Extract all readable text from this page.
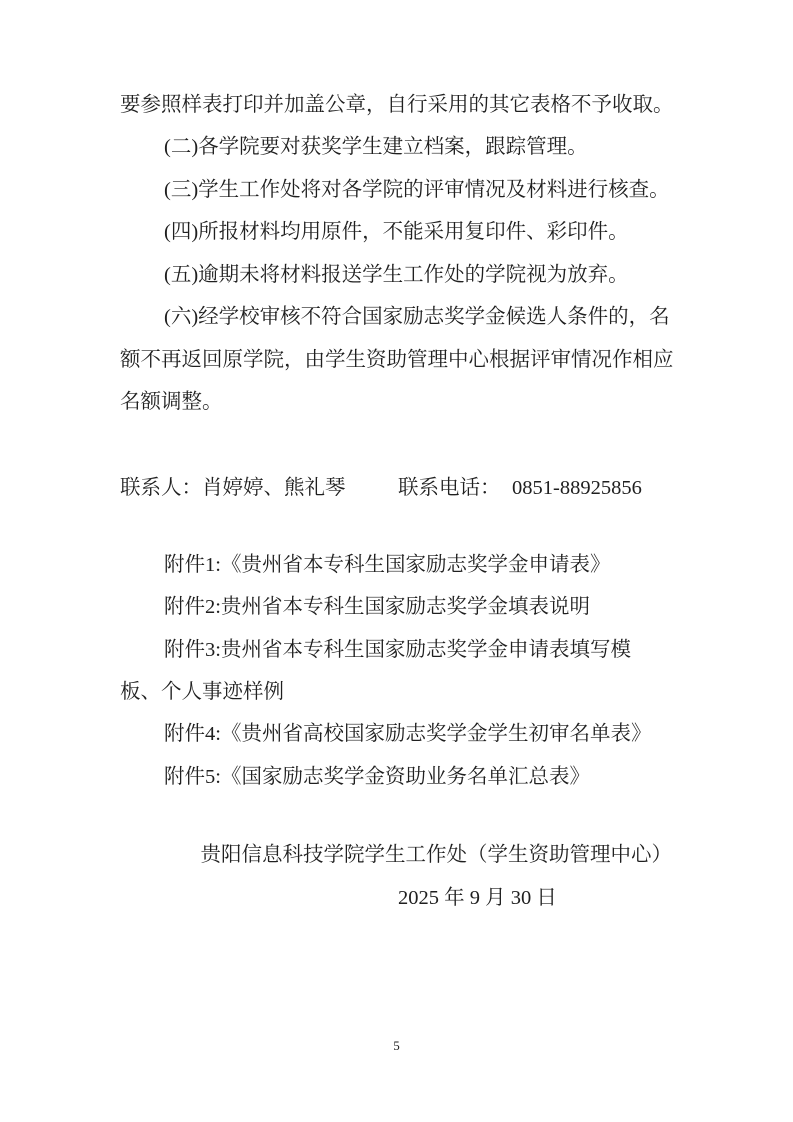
要参照样表打印并加盖公章，自行采用的其它表格不予收取。
(二)各学院要对获奖学生建立档案，跟踪管理。
(三)学生工作处将对各学院的评审情况及材料进行核查。
(四)所报材料均用原件，不能采用复印件、彩印件。
(五)逾期未将材料报送学生工作处的学院视为放弃。
(六)经学校审核不符合国家励志奖学金候选人条件的，名
额不再返回原学院，由学生资助管理中心根据评审情况作相应
名额调整。
联系人：肖婷婷、熊礼琴	联系电话： 0851-88925856
附件1:《贵州省本专科生国家励志奖学金申请表》
附件2:贵州省本专科生国家励志奖学金填表说明
附件3:贵州省本专科生国家励志奖学金申请表填写模
板、个人事迹样例
附件4:《贵州省高校国家励志奖学金学生初审名单表》
附件5:《国家励志奖学金资助业务名单汇总表》
贵阳信息科技学院学生工作处（学生资助管理中心）
2025 年 9 月 30 日
5
